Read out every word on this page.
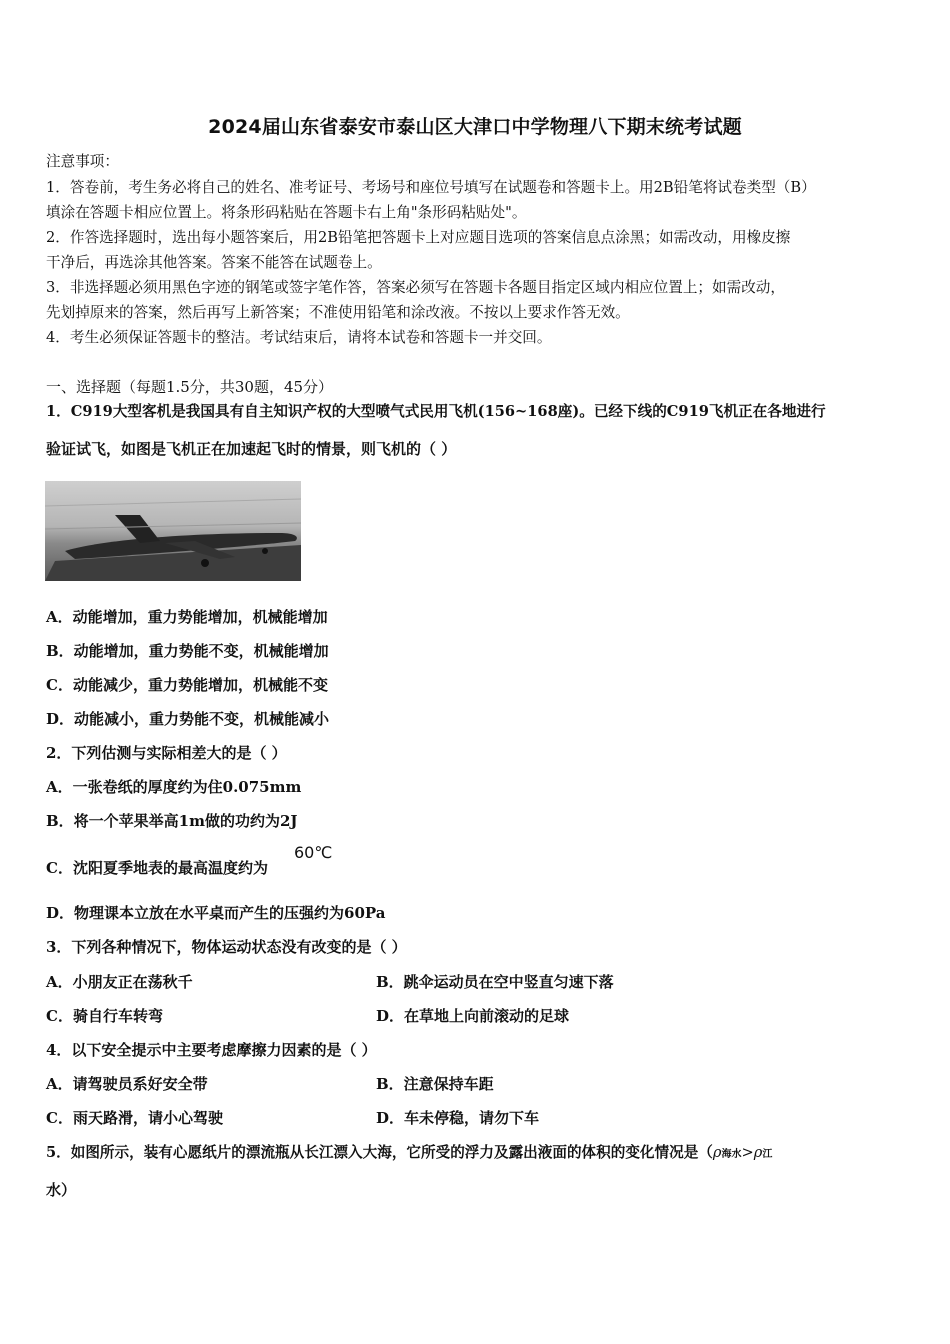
2024届山东省泰安市泰山区大津口中学物理八下期末统考试题
注意事项：
1．答卷前，考生务必将自己的姓名、准考证号、考场号和座位号填写在试题卷和答题卡上。用2B铅笔将试卷类型（B）
填涂在答题卡相应位置上。将条形码粘贴在答题卡右上角"条形码粘贴处"。
2．作答选择题时，选出每小题答案后，用2B铅笔把答题卡上对应题目选项的答案信息点涂黑；如需改动，用橡皮擦
干净后，再选涂其他答案。答案不能答在试题卷上。
3．非选择题必须用黑色字迹的钢笔或签字笔作答，答案必须写在答题卡各题目指定区域内相应位置上；如需改动，
先划掉原来的答案，然后再写上新答案；不准使用铅笔和涂改液。不按以上要求作答无效。
4．考生必须保证答题卡的整洁。考试结束后，请将本试卷和答题卡一并交回。
一、选择题（每题1.5分，共30题，45分）
1．C919大型客机是我国具有自主知识产权的大型喷气式民用飞机(156~168座)。已经下线的C919飞机正在各地进行
验证试飞，如图是飞机正在加速起飞时的情景，则飞机的（ ）
A．动能增加，重力势能增加，机械能增加
B．动能增加，重力势能不变，机械能增加
C．动能减少，重力势能增加，机械能不变
D．动能减小，重力势能不变，机械能减小
2．下列估测与实际相差大的是（ ）
A．一张卷纸的厚度约为住0.075mm
B．将一个苹果举高1m做的功约为2J
C．沈阳夏季地表的最高温度约为
60℃
D．物理课本立放在水平桌而产生的压强约为60Pa
3．下列各种情况下，物体运动状态没有改变的是（ ）
A．小朋友正在荡秋千	B．跳伞运动员在空中竖直匀速下落
C．骑自行车转弯	D．在草地上向前滚动的足球
4．以下安全提示中主要考虑摩擦力因素的是（ ）
A．请驾驶员系好安全带	B．注意保持车距
C．雨天路滑，请小心驾驶	D．车未停稳，请勿下车
5．如图所示，装有心愿纸片的漂流瓶从长江漂入大海，它所受的浮力及露出液面的体积的变化情况是（ρ海水>ρ江
水）
